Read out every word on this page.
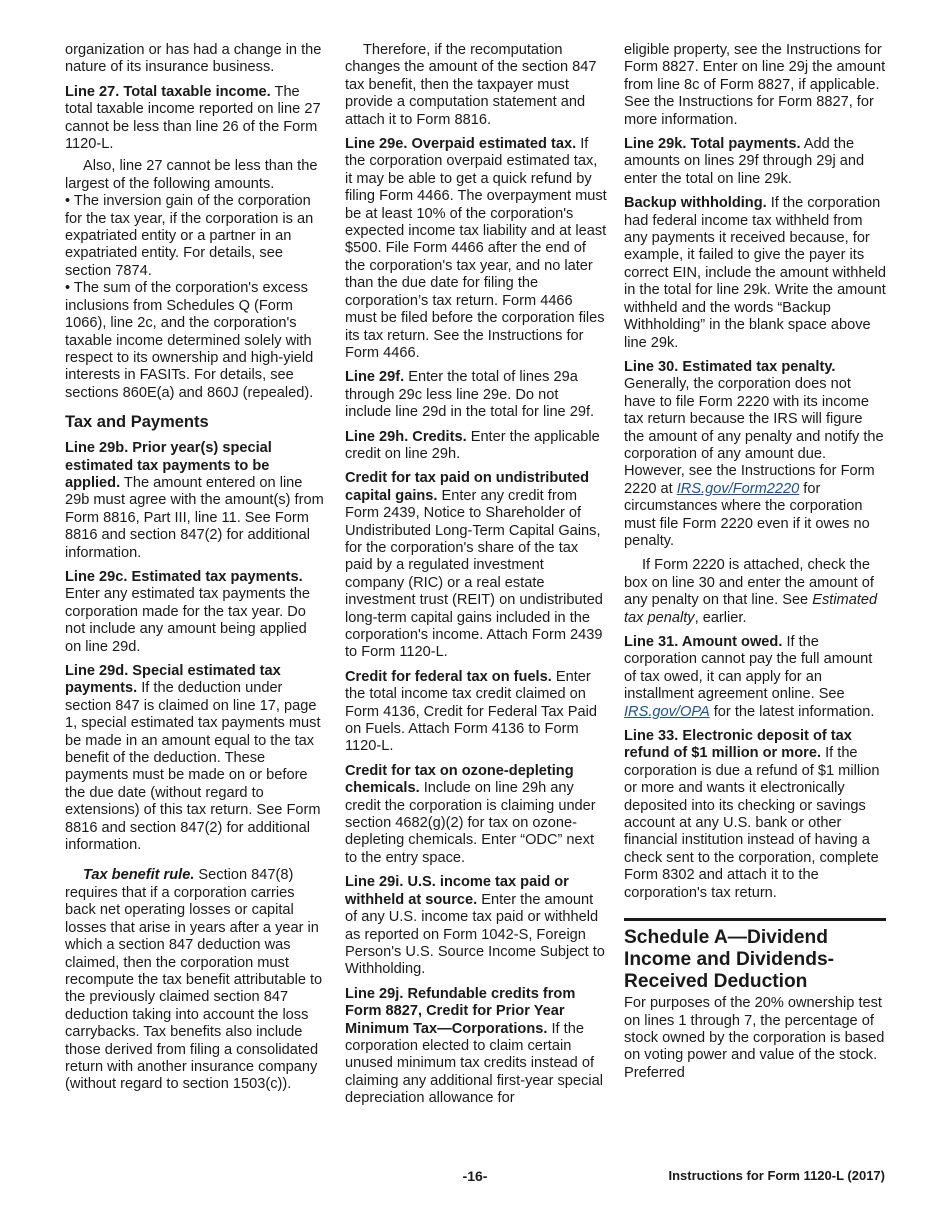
organization or has had a change in the nature of its insurance business.

Line 27. Total taxable income. The total taxable income reported on line 27 cannot be less than line 26 of the Form 1120-L.

Also, line 27 cannot be less than the largest of the following amounts.

• The inversion gain of the corporation for the tax year, if the corporation is an expatriated entity or a partner in an expatriated entity. For details, see section 7874.

• The sum of the corporation's excess inclusions from Schedules Q (Form 1066), line 2c, and the corporation's taxable income determined solely with respect to its ownership and high-yield interests in FASITs. For details, see sections 860E(a) and 860J (repealed).

Tax and Payments

Line 29b. Prior year(s) special estimated tax payments to be applied. The amount entered on line 29b must agree with the amount(s) from Form 8816, Part III, line 11. See Form 8816 and section 847(2) for additional information.

Line 29c. Estimated tax payments. Enter any estimated tax payments the corporation made for the tax year. Do not include any amount being applied on line 29d.

Line 29d. Special estimated tax payments. If the deduction under section 847 is claimed on line 17, page 1, special estimated tax payments must be made in an amount equal to the tax benefit of the deduction. These payments must be made on or before the due date (without regard to extensions) of this tax return. See Form 8816 and section 847(2) for additional information.

Tax benefit rule. Section 847(8) requires that if a corporation carries back net operating losses or capital losses that arise in years after a year in which a section 847 deduction was claimed, then the corporation must recompute the tax benefit attributable to the previously claimed section 847 deduction taking into account the loss carrybacks. Tax benefits also include those derived from filing a consolidated return with another insurance company (without regard to section 1503(c)).

Therefore, if the recomputation changes the amount of the section 847 tax benefit, then the taxpayer must provide a computation statement and attach it to Form 8816.

Line 29e. Overpaid estimated tax. If the corporation overpaid estimated tax, it may be able to get a quick refund by filing Form 4466. The overpayment must be at least 10% of the corporation's expected income tax liability and at least $500. File Form 4466 after the end of the corporation's tax year, and no later than the due date for filing the corporation’s tax return. Form 4466 must be filed before the corporation files its tax return. See the Instructions for Form 4466.

Line 29f. Enter the total of lines 29a through 29c less line 29e. Do not include line 29d in the total for line 29f.

Line 29h. Credits. Enter the applicable credit on line 29h.

Credit for tax paid on undistributed capital gains. Enter any credit from Form 2439, Notice to Shareholder of Undistributed Long-Term Capital Gains, for the corporation's share of the tax paid by a regulated investment company (RIC) or a real estate investment trust (REIT) on undistributed long-term capital gains included in the corporation's income. Attach Form 2439 to Form 1120-L.

Credit for federal tax on fuels. Enter the total income tax credit claimed on Form 4136, Credit for Federal Tax Paid on Fuels. Attach Form 4136 to Form 1120-L.

Credit for tax on ozone-depleting chemicals. Include on line 29h any credit the corporation is claiming under section 4682(g)(2) for tax on ozone-depleting chemicals. Enter “ODC” next to the entry space.

Line 29i. U.S. income tax paid or withheld at source. Enter the amount of any U.S. income tax paid or withheld as reported on Form 1042-S, Foreign Person's U.S. Source Income Subject to Withholding.

Line 29j. Refundable credits from Form 8827, Credit for Prior Year Minimum Tax—Corporations. If the corporation elected to claim certain unused minimum tax credits instead of claiming any additional first-year special depreciation allowance for

eligible property, see the Instructions for Form 8827. Enter on line 29j the amount from line 8c of Form 8827, if applicable. See the Instructions for Form 8827, for more information.

Line 29k. Total payments. Add the amounts on lines 29f through 29j and enter the total on line 29k.

Backup withholding. If the corporation had federal income tax withheld from any payments it received because, for example, it failed to give the payer its correct EIN, include the amount withheld in the total for line 29k. Write the amount withheld and the words “Backup Withholding” in the blank space above line 29k.

Line 30. Estimated tax penalty. Generally, the corporation does not have to file Form 2220 with its income tax return because the IRS will figure the amount of any penalty and notify the corporation of any amount due. However, see the Instructions for Form 2220 at IRS.gov/Form2220 for circumstances where the corporation must file Form 2220 even if it owes no penalty.

If Form 2220 is attached, check the box on line 30 and enter the amount of any penalty on that line. See Estimated tax penalty, earlier.

Line 31. Amount owed. If the corporation cannot pay the full amount of tax owed, it can apply for an installment agreement online. See IRS.gov/OPA for the latest information.

Line 33. Electronic deposit of tax refund of $1 million or more. If the corporation is due a refund of $1 million or more and wants it electronically deposited into its checking or savings account at any U.S. bank or other financial institution instead of having a check sent to the corporation, complete Form 8302 and attach it to the corporation's tax return.

Schedule A—Dividend Income and Dividends-Received Deduction

For purposes of the 20% ownership test on lines 1 through 7, the percentage of stock owned by the corporation is based on voting power and value of the stock. Preferred

-16-	Instructions for Form 1120-L (2017)
